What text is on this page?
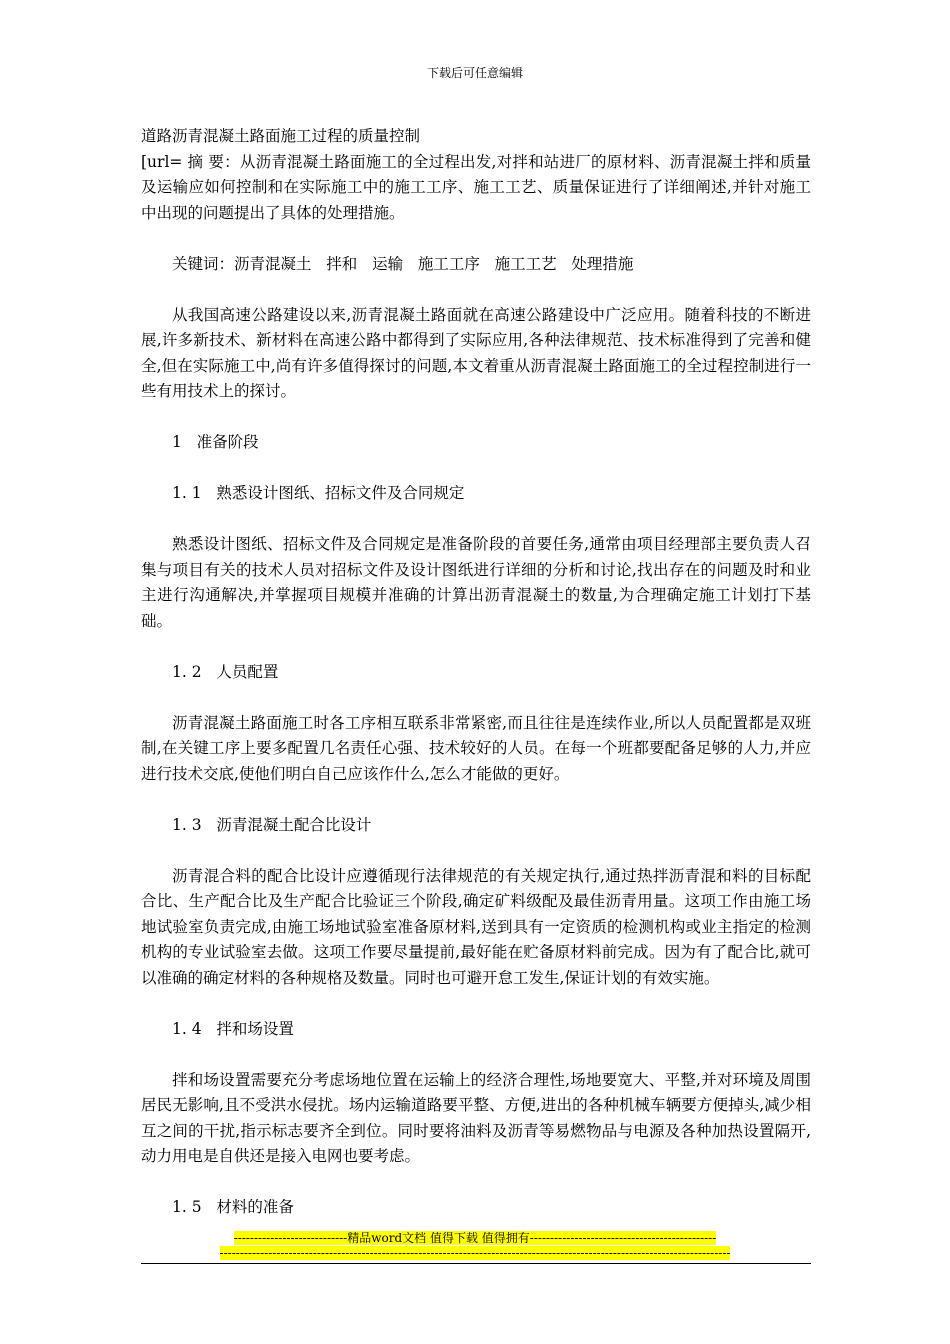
下载后可任意编辑

道路沥青混凝土路面施工过程的质量控制

[url= 摘 要：从沥青混凝土路面施工的全过程出发,对拌和站进厂的原材料、沥青混凝土拌和质量及运输应如何控制和在实际施工中的施工工序、施工工艺、质量保证进行了详细阐述,并针对施工中出现的问题提出了具体的处理措施。

关键词：沥青混凝土   拌和   运输   施工工序   施工工艺   处理措施

从我国高速公路建设以来,沥青混凝土路面就在高速公路建设中广泛应用。随着科技的不断进展,许多新技术、新材料在高速公路中都得到了实际应用,各种法律规范、技术标准得到了完善和健全,但在实际施工中,尚有许多值得探讨的问题,本文着重从沥青混凝土路面施工的全过程控制进行一些有用技术上的探讨。

1   准备阶段

1. 1   熟悉设计图纸、招标文件及合同规定

熟悉设计图纸、招标文件及合同规定是准备阶段的首要任务,通常由项目经理部主要负责人召集与项目有关的技术人员对招标文件及设计图纸进行详细的分析和讨论,找出存在的问题及时和业主进行沟通解决,并掌握项目规模并准确的计算出沥青混凝土的数量,为合理确定施工计划打下基础。

1. 2   人员配置

沥青混凝土路面施工时各工序相互联系非常紧密,而且往往是连续作业,所以人员配置都是双班制,在关键工序上要多配置几名责任心强、技术较好的人员。在每一个班都要配备足够的人力,并应进行技术交底,使他们明白自己应该作什么,怎么才能做的更好。

1. 3   沥青混凝土配合比设计

沥青混合料的配合比设计应遵循现行法律规范的有关规定执行,通过热拌沥青混和料的目标配合比、生产配合比及生产配合比验证三个阶段,确定矿料级配及最佳沥青用量。这项工作由施工场地试验室负责完成,由施工场地试验室准备原材料,送到具有一定资质的检测机构或业主指定的检测机构的专业试验室去做。这项工作要尽量提前,最好能在贮备原材料前完成。因为有了配合比,就可以准确的确定材料的各种规格及数量。同时也可避开怠工发生,保证计划的有效实施。

1. 4   拌和场设置

拌和场设置需要充分考虑场地位置在运输上的经济合理性,场地要宽大、平整,并对环境及周围居民无影响,且不受洪水侵扰。场内运输道路要平整、方便,进出的各种机械车辆要方便掉头,减少相互之间的干扰,指示标志要齐全到位。同时要将油料及沥青等易燃物品与电源及各种加热设置隔开,动力用电是自供还是接入电网也要考虑。

1. 5   材料的准备

----------------------------精品word文档 值得下载 值得拥有----------------------------------------------
------------------------------------------------------------------------------------------------------------------------------
